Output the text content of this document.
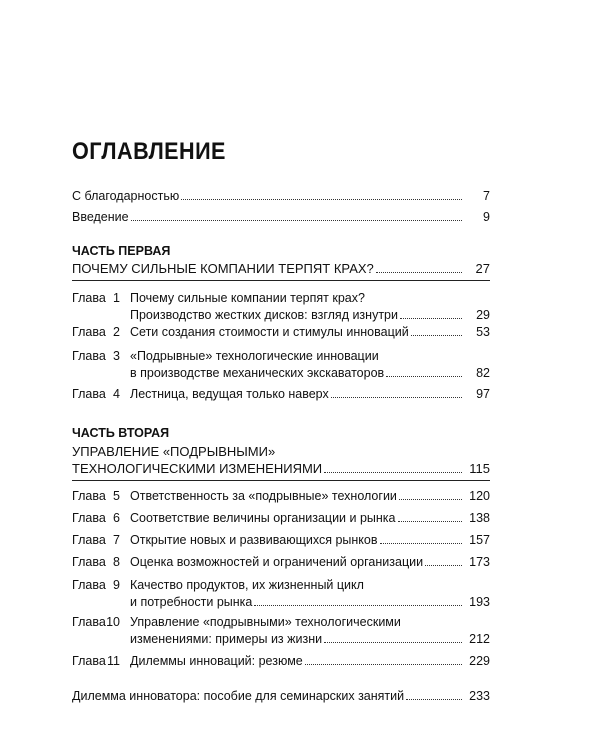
ОГЛАВЛЕНИЕ
С благодарностью	7
Введение	9
ЧАСТЬ ПЕРВАЯ
ПОЧЕМУ СИЛЬНЫЕ КОМПАНИИ ТЕРПЯТ КРАХ?	27
Глава 1 Почему сильные компании терпят крах?
Производство жестких дисков: взгляд изнутри	29
Глава 2 Сети создания стоимости и стимулы инноваций	53
Глава 3 «Подрывные» технологические инновации
в производстве механических экскаваторов	82
Глава 4 Лестница, ведущая только наверх	97
ЧАСТЬ ВТОРАЯ
УПРАВЛЕНИЕ «ПОДРЫВНЫМИ»
ТЕХНОЛОГИЧЕСКИМИ ИЗМЕНЕНИЯМИ	115
Глава 5 Ответственность за «подрывные» технологии	120
Глава 6 Соответствие величины организации и рынка	138
Глава 7 Открытие новых и развивающихся рынков	157
Глава 8 Оценка возможностей и ограничений организации	173
Глава 9 Качество продуктов, их жизненный цикл
и потребности рынка	193
Глава10 Управление «подрывными» технологическими
изменениями: примеры из жизни	212
Глава11 Дилеммы инноваций: резюме	229
Дилемма инноватора: пособие для семинарских занятий	233
